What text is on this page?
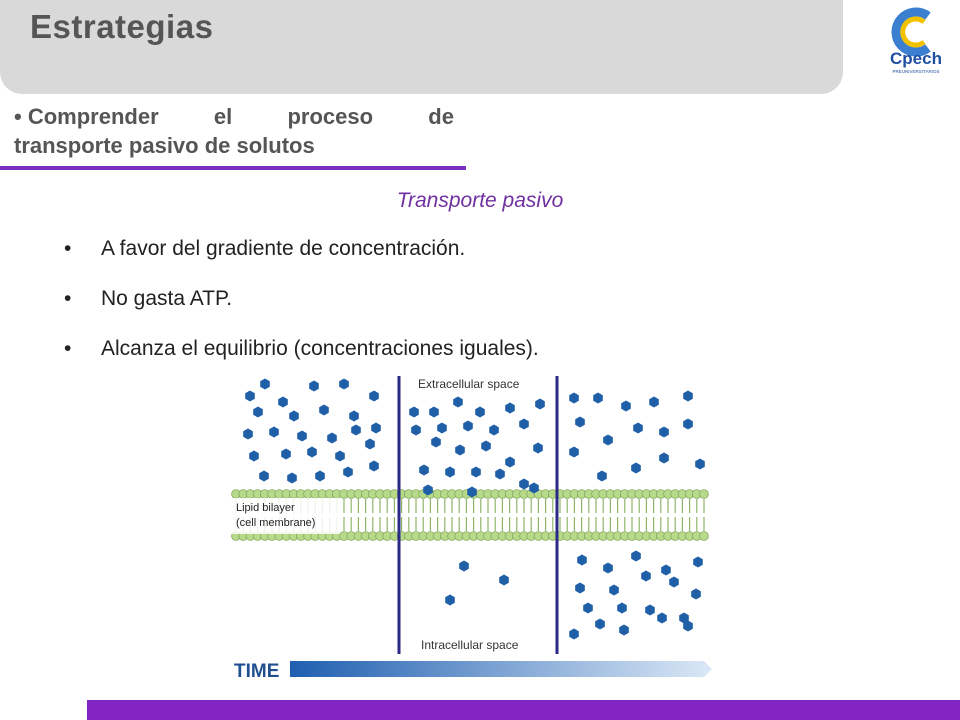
Estrategias
Cpech
PREUNIVERSITARIOS
• Comprender	el	proceso	de
transporte pasivo de solutos
Transporte pasivo
• A favor del gradiente de concentración.
• No gasta ATP.
• Alcanza el equilibrio (concentraciones iguales).
Lipid bilayer
(cell membrane)
Extracellular space
Intracellular space
TIME
